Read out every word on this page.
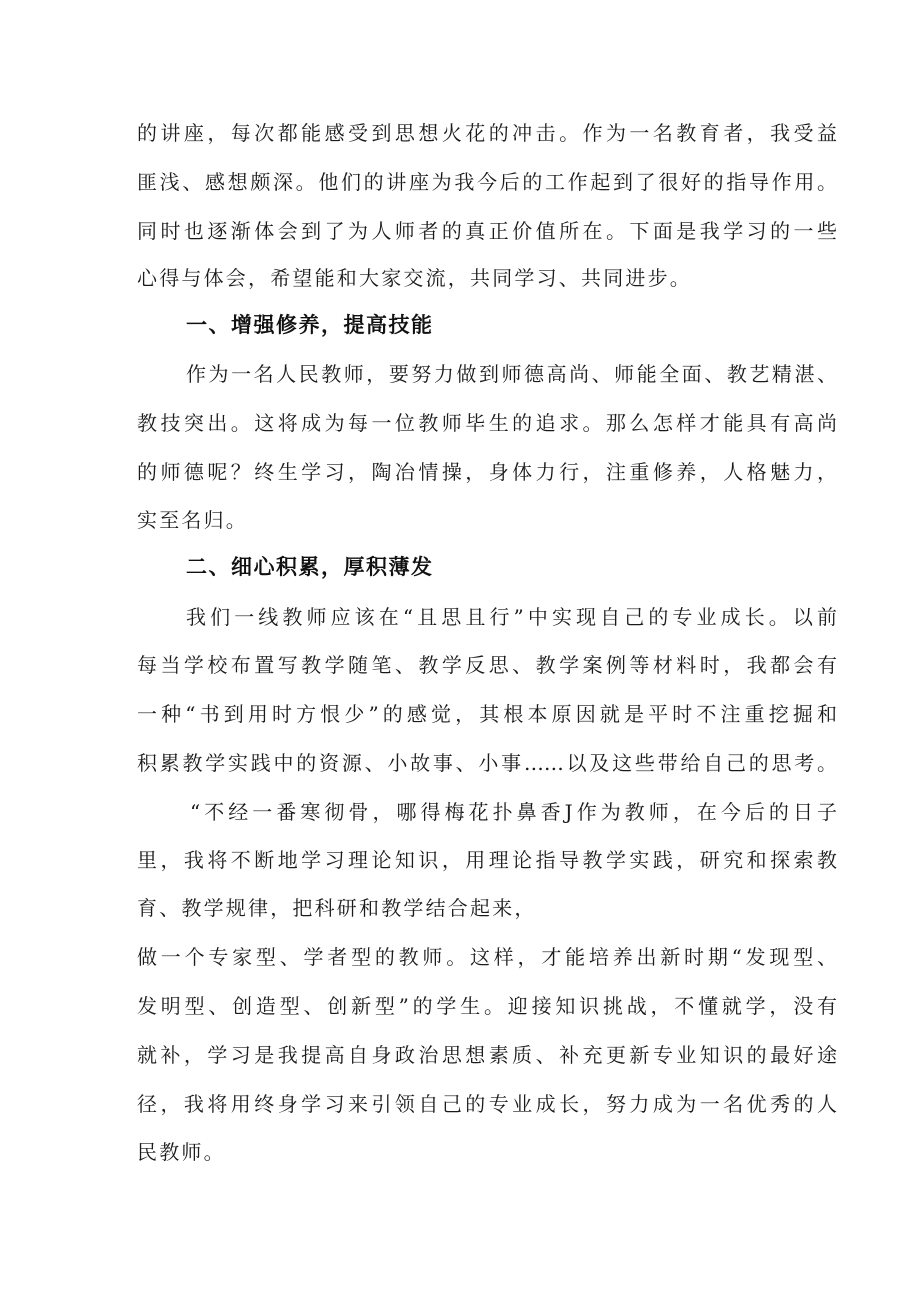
的讲座，每次都能感受到思想火花的冲击。作为一名教育者，我受益
匪浅、感想颇深。他们的讲座为我今后的工作起到了很好的指导作用。
同时也逐渐体会到了为人师者的真正价值所在。下面是我学习的一些
心得与体会，希望能和大家交流，共同学习、共同进步。
一、增强修养，提高技能
作为一名人民教师，要努力做到师德高尚、师能全面、教艺精湛、
教技突出。这将成为每一位教师毕生的追求。那么怎样才能具有高尚
的师德呢？终生学习，陶冶情操，身体力行，注重修养，人格魅力，
实至名归。
二、细心积累，厚积薄发
我们一线教师应该在“且思且行”中实现自己的专业成长。以前
每当学校布置写教学随笔、教学反思、教学案例等材料时，我都会有
一种“书到用时方恨少”的感觉，其根本原因就是平时不注重挖掘和
积累教学实践中的资源、小故事、小事……以及这些带给自己的思考。
“不经一番寒彻骨，哪得梅花扑鼻香J作为教师，在今后的日子
里，我将不断地学习理论知识，用理论指导教学实践，研究和探索教
育、教学规律，把科研和教学结合起来，
做一个专家型、学者型的教师。这样，才能培养出新时期“发现型、
发明型、创造型、创新型”的学生。迎接知识挑战，不懂就学，没有
就补，学习是我提高自身政治思想素质、补充更新专业知识的最好途
径，我将用终身学习来引领自己的专业成长，努力成为一名优秀的人
民教师。
